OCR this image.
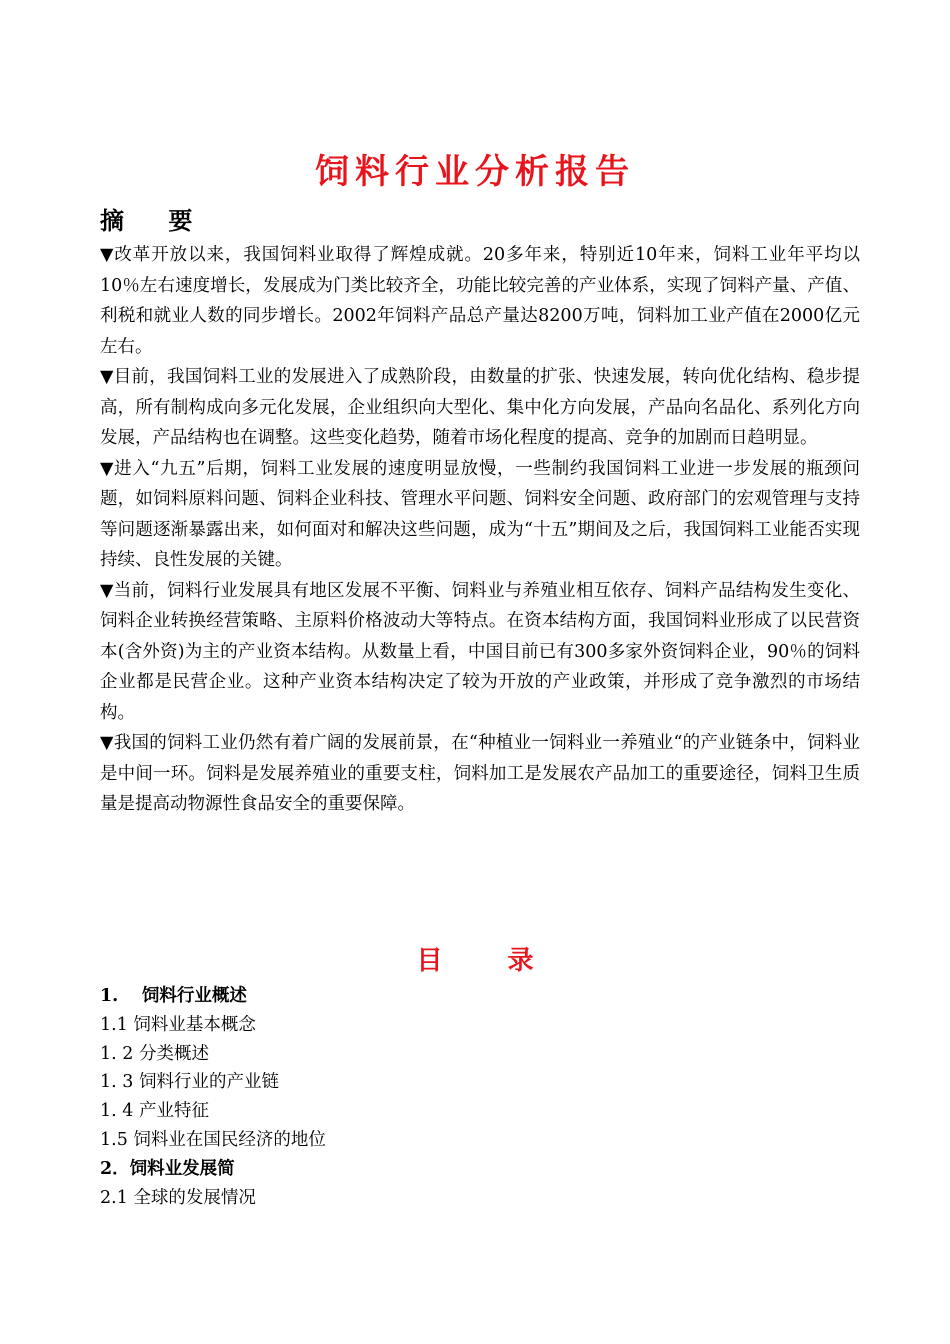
饲料行业分析报告
摘 要

▼改革开放以来，我国饲料业取得了辉煌成就。20多年来，特别近10年来，饲料工业年平均以10％左右速度增长，发展成为门类比较齐全，功能比较完善的产业体系，实现了饲料产量、产值、利税和就业人数的同步增长。2002年饲料产品总产量达8200万吨，饲料加工业产值在2000亿元左右。

▼目前，我国饲料工业的发展进入了成熟阶段，由数量的扩张、快速发展，转向优化结构、稳步提高，所有制构成向多元化发展，企业组织向大型化、集中化方向发展，产品向名品化、系列化方向发展，产品结构也在调整。这些变化趋势，随着市场化程度的提高、竞争的加剧而日趋明显。

▼进入“九五”后期，饲料工业发展的速度明显放慢，一些制约我国饲料工业进一步发展的瓶颈问题，如饲料原料问题、饲料企业科技、管理水平问题、饲料安全问题、政府部门的宏观管理与支持等问题逐渐暴露出来，如何面对和解决这些问题，成为“十五”期间及之后，我国饲料工业能否实现持续、良性发展的关键。

▼当前，饲料行业发展具有地区发展不平衡、饲料业与养殖业相互依存、饲料产品结构发生变化、饲料企业转换经营策略、主原料价格波动大等特点。在资本结构方面，我国饲料业形成了以民营资本(含外资)为主的产业资本结构。从数量上看，中国目前已有300多家外资饲料企业，90％的饲料企业都是民营企业。这种产业资本结构决定了较为开放的产业政策，并形成了竞争激烈的市场结构。

▼我国的饲料工业仍然有着广阔的发展前景，在“种植业一饲料业一养殖业“的产业链条中，饲料业是中间一环。饲料是发展养殖业的重要支柱，饲料加工是发展农产品加工的重要途径，饲料卫生质量是提高动物源性食品安全的重要保障。

目 录
1.　 饲料行业概述
1.1 饲料业基本概念
1. 2 分类概述
1. 3 饲料行业的产业链
1. 4 产业特征
1.5 饲料业在国民经济的地位
2．饲料业发展简
2.1 全球的发展情况
